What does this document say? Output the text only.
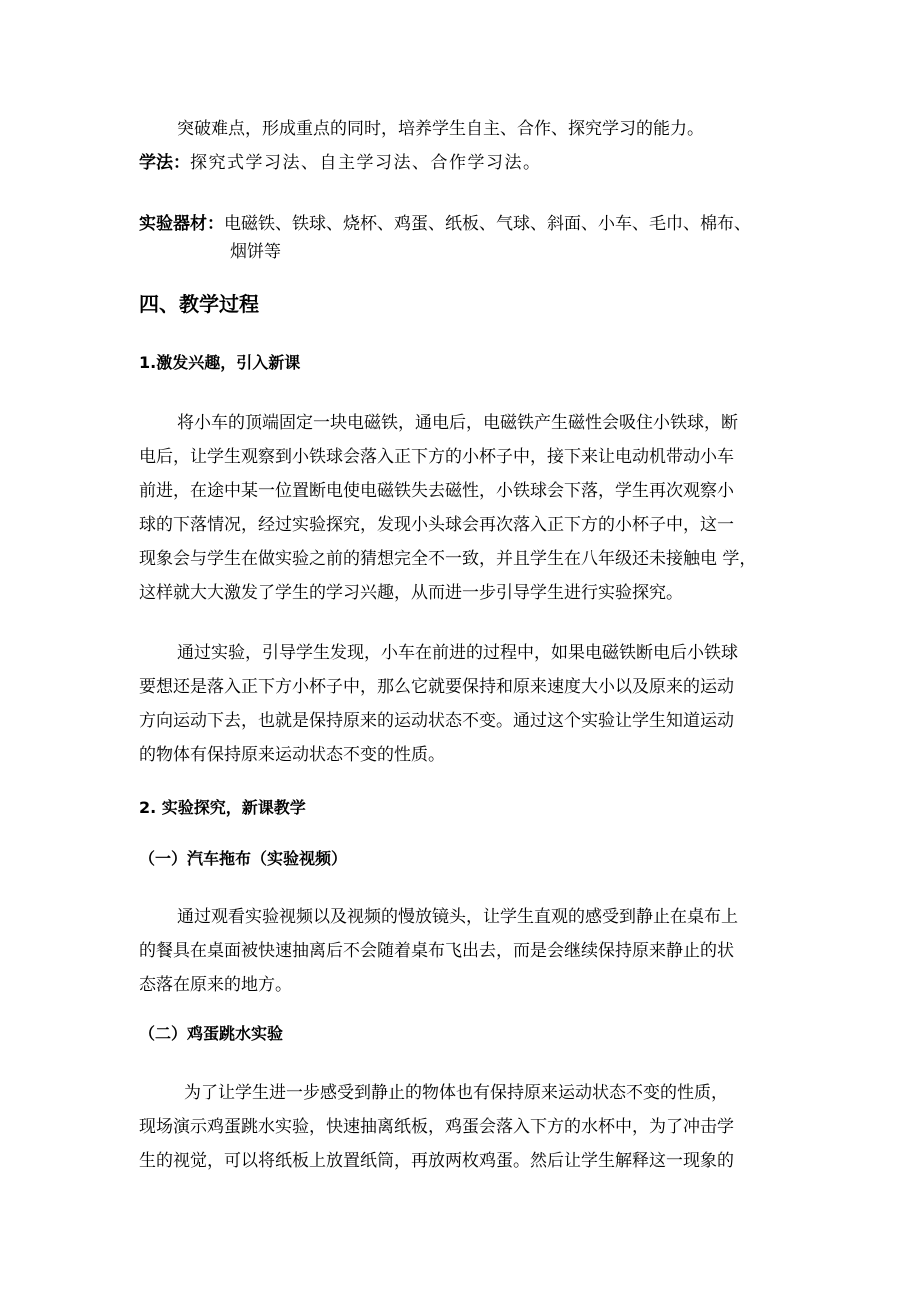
突破难点，形成重点的同时，培养学生自主、合作、探究学习的能力。
学法：探究式学习法、自主学习法、合作学习法。
实验器材：电磁铁、铁球、烧杯、鸡蛋、纸板、气球、斜面、小车、毛巾、棉布、
烟饼等
四、教学过程
1.激发兴趣，引入新课
将小车的顶端固定一块电磁铁，通电后，电磁铁产生磁性会吸住小铁球，断
电后，让学生观察到小铁球会落入正下方的小杯子中，接下来让电动机带动小车
前进，在途中某一位置断电使电磁铁失去磁性，小铁球会下落，学生再次观察小
球的下落情况，经过实验探究，发现小头球会再次落入正下方的小杯子中，这一
现象会与学生在做实验之前的猜想完全不一致，并且学生在八年级还未接触电 学，
这样就大大激发了学生的学习兴趣，从而进一步引导学生进行实验探究。
通过实验，引导学生发现，小车在前进的过程中，如果电磁铁断电后小铁球
要想还是落入正下方小杯子中，那么它就要保持和原来速度大小以及原来的运动
方向运动下去，也就是保持原来的运动状态不变。通过这个实验让学生知道运动
的物体有保持原来运动状态不变的性质。
2. 实验探究，新课教学
（一）汽车拖布（实验视频）
通过观看实验视频以及视频的慢放镜头，让学生直观的感受到静止在桌布上
的餐具在桌面被快速抽离后不会随着桌布飞出去，而是会继续保持原来静止的状
态落在原来的地方。
（二）鸡蛋跳水实验
为了让学生进一步感受到静止的物体也有保持原来运动状态不变的性质，
现场演示鸡蛋跳水实验，快速抽离纸板，鸡蛋会落入下方的水杯中，为了冲击学
生的视觉，可以将纸板上放置纸筒，再放两枚鸡蛋。然后让学生解释这一现象的
